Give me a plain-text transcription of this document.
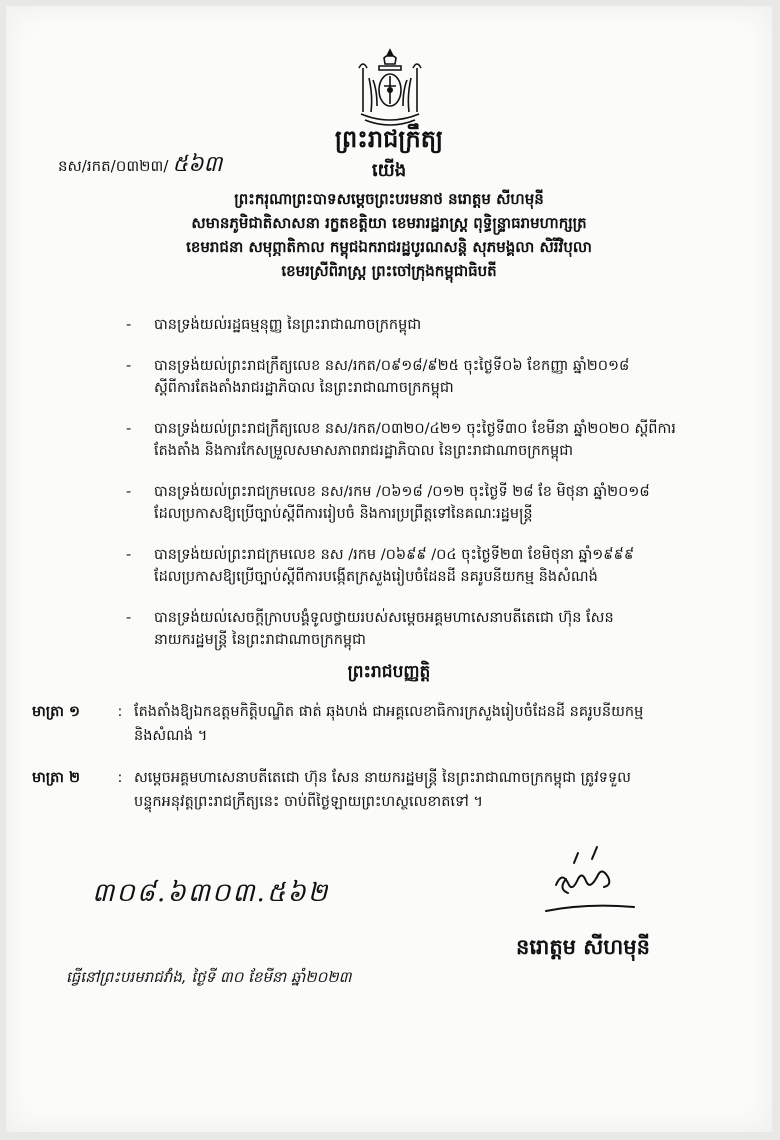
ព្រះរាជក្រឹត្យ
នស/រកត/០៣២៣/ ៥៦៣	យើង
ព្រះករុណាព្រះបាទសម្ដេចព្រះបរមនាថ នរោត្តម សីហមុនី
សមានភូមិជាតិសាសនា រក្ខតខត្តិយា ខេមរារដ្ឋរាស្ត្រ ពុទ្ធិន្ទ្រាធរាមហាក្សត្រ
ខេមរាជនា សមុព្ភាតិកាល កម្ពុជឯករាជរដ្ឋបូរណសន្តិ សុភមង្គលា សិរីវិបុលា
ខេមរស្រីពិរាស្ត្រ ព្រះចៅក្រុងកម្ពុជាធិបតី
-	បានទ្រង់យល់រដ្ឋធម្មនុញ្ញ នៃព្រះរាជាណាចក្រកម្ពុជា
-	បានទ្រង់យល់ព្រះរាជក្រឹត្យលេខ នស/រកត/០៩១៨/៩២៥ ចុះថ្ងៃទី០៦ ខែកញ្ញា ឆ្នាំ២០១៨
ស្ដីពីការតែងតាំងរាជរដ្ឋាភិបាល នៃព្រះរាជាណាចក្រកម្ពុជា
-	បានទ្រង់យល់ព្រះរាជក្រឹត្យលេខ នស/រកត/០៣២០/៤២១ ចុះថ្ងៃទី៣០ ខែមីនា ឆ្នាំ២០២០ ស្ដីពីការ
តែងតាំង និងការកែសម្រួលសមាសភាពរាជរដ្ឋាភិបាល នៃព្រះរាជាណាចក្រកម្ពុជា
-	បានទ្រង់យល់ព្រះរាជក្រមលេខ នស/រកម /០៦១៨ /០១២ ចុះថ្ងៃទី ២៨ ខែ មិថុនា ឆ្នាំ២០១៨
ដែលប្រកាសឱ្យប្រើច្បាប់ស្ដីពីការរៀបចំ និងការប្រព្រឹត្តទៅនៃគណៈរដ្ឋមន្ត្រី
-	បានទ្រង់យល់ព្រះរាជក្រមលេខ នស /រកម /០៦៩៩ /០៤ ចុះថ្ងៃទី២៣ ខែមិថុនា ឆ្នាំ១៩៩៩
ដែលប្រកាសឱ្យប្រើច្បាប់ស្ដីពីការបង្កើតក្រសួងរៀបចំដែនដី នគរូបនីយកម្ម និងសំណង់
-	បានទ្រង់យល់សេចក្ដីក្រាបបង្គំទូលថ្វាយរបស់សម្ដេចអគ្គមហាសេនាបតីតេជោ ហ៊ុន សែន
នាយករដ្ឋមន្ត្រី នៃព្រះរាជាណាចក្រកម្ពុជា
ព្រះរាជបញ្ញត្តិ
មាត្រា ១	: តែងតាំងឱ្យឯកឧត្តមកិត្តិបណ្ឌិត ផាត់ ឆុងហង់ ជាអគ្គលេខាធិការក្រសួងរៀបចំដែនដី នគរូបនីយកម្ម
និងសំណង់ ។
មាត្រា ២	: សម្ដេចអគ្គមហាសេនាបតីតេជោ ហ៊ុន សែន នាយករដ្ឋមន្ត្រី នៃព្រះរាជាណាចក្រកម្ពុជា ត្រូវទទួល
បន្ទុកអនុវត្តព្រះរាជក្រឹត្យនេះ ចាប់ពីថ្ងៃឡាយព្រះហស្ថលេខាតទៅ ។
៣០៨.៦៣០៣.៥៦២
នរោត្តម សីហមុនី
ធ្វើនៅព្រះបរមរាជវាំង, ថ្ងៃទី ៣០ ខែមីនា ឆ្នាំ២០២៣
